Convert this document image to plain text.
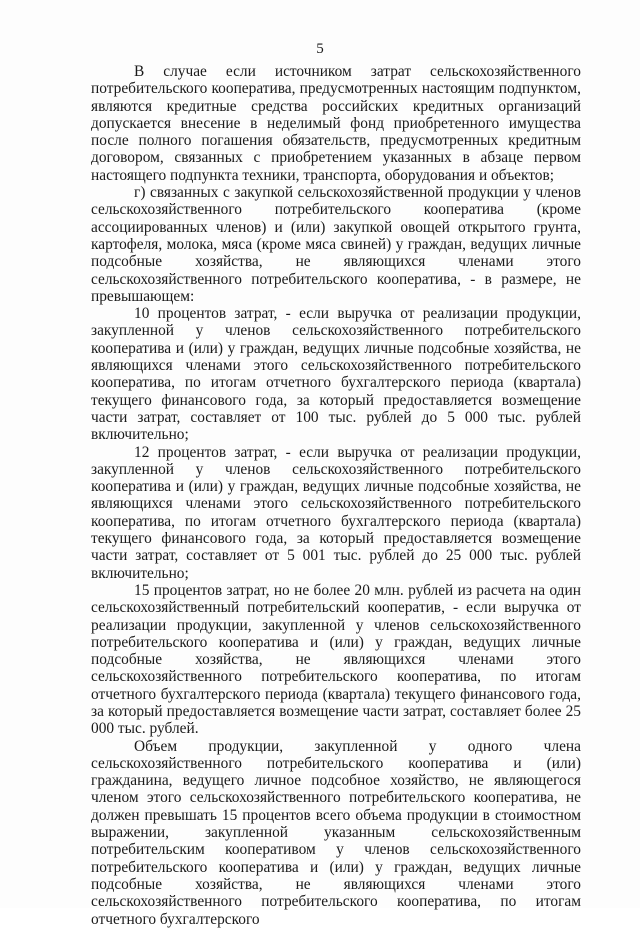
5

В случае если источником затрат сельскохозяйственного потребительского кооператива, предусмотренных настоящим подпунктом, являются кредитные средства российских кредитных организаций допускается внесение в неделимый фонд приобретенного имущества после полного погашения обязательств, предусмотренных кредитным договором, связанных с приобретением указанных в абзаце первом настоящего подпункта техники, транспорта, оборудования и объектов;

г) связанных с закупкой сельскохозяйственной продукции у членов сельскохозяйственного потребительского кооператива (кроме ассоциированных членов) и (или) закупкой овощей открытого грунта, картофеля, молока, мяса (кроме мяса свиней) у граждан, ведущих личные подсобные хозяйства, не являющихся членами этого сельскохозяйственного потребительского кооператива, - в размере, не превышающем:

10 процентов затрат, - если выручка от реализации продукции, закупленной у членов сельскохозяйственного потребительского кооператива и (или) у граждан, ведущих личные подсобные хозяйства, не являющихся членами этого сельскохозяйственного потребительского кооператива, по итогам отчетного бухгалтерского периода (квартала) текущего финансового года, за который предоставляется возмещение части затрат, составляет от 100 тыс. рублей до 5 000 тыс. рублей включительно;

12 процентов затрат, - если выручка от реализации продукции, закупленной у членов сельскохозяйственного потребительского кооператива и (или) у граждан, ведущих личные подсобные хозяйства, не являющихся членами этого сельскохозяйственного потребительского кооператива, по итогам отчетного бухгалтерского периода (квартала) текущего финансового года, за который предоставляется возмещение части затрат, составляет от 5 001 тыс. рублей до 25 000 тыс. рублей включительно;

15 процентов затрат, но не более 20 млн. рублей из расчета на один сельскохозяйственный потребительский кооператив, - если выручка от реализации продукции, закупленной у членов сельскохозяйственного потребительского кооператива и (или) у граждан, ведущих личные подсобные хозяйства, не являющихся членами этого сельскохозяйственного потребительского кооператива, по итогам отчетного бухгалтерского периода (квартала) текущего финансового года, за который предоставляется возмещение части затрат, составляет более 25 000 тыс. рублей.

Объем продукции, закупленной у одного члена сельскохозяйственного потребительского кооператива и (или) гражданина, ведущего личное подсобное хозяйство, не являющегося членом этого сельскохозяйственного потребительского кооператива, не должен превышать 15 процентов всего объема продукции в стоимостном выражении, закупленной указанным сельскохозяйственным потребительским кооперативом у членов сельскохозяйственного потребительского кооператива и (или) у граждан, ведущих личные подсобные хозяйства, не являющихся членами этого сельскохозяйственного потребительского кооператива, по итогам отчетного бухгалтерского
